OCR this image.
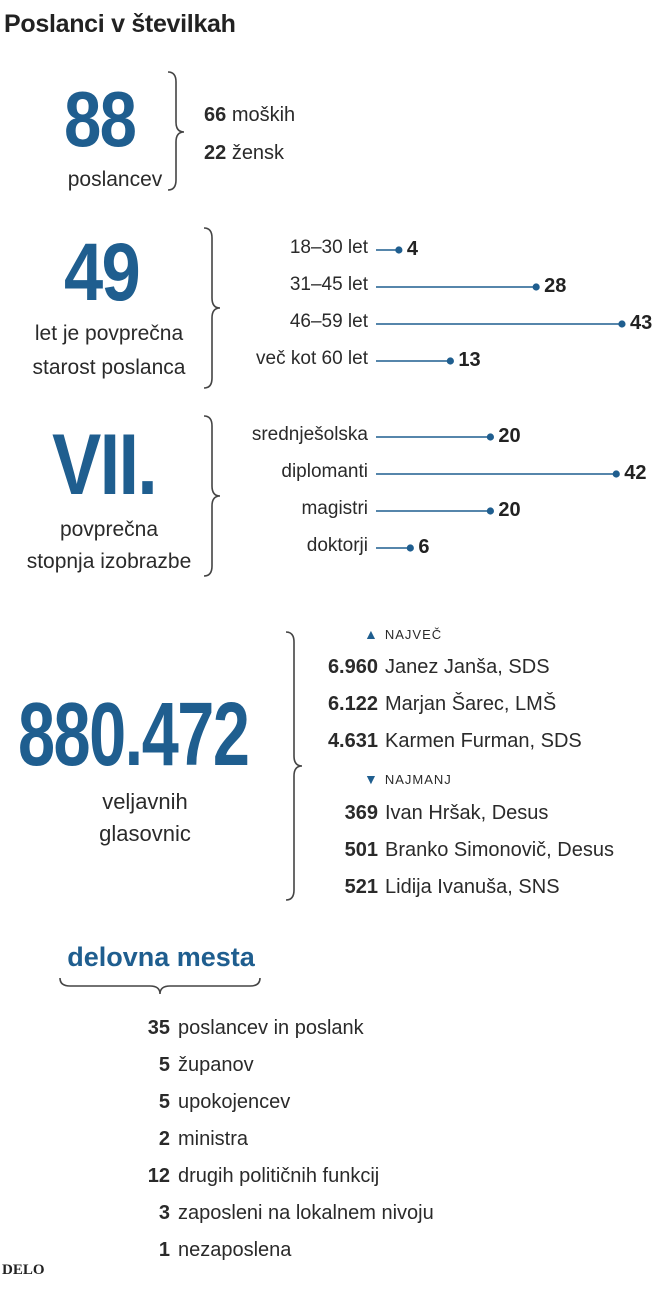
Poslanci v številkah
88
poslancev
66 moških
22 žensk
49
let je povprečna
starost poslanca
VII.
povprečna
stopnja izobrazbe
880.472
veljavnih
glasovnic
▲ NAJVEČ
▼ NAJMANJ
delovna mesta
DELO
18–30 let 4
31–45 let	28
46–59 let	43
več kot 60 let	13
srednješolska	20
diplomanti	42
magistri	20
doktorji	6
6.960 Janez Janša, SDS
6.122 Marjan Šarec, LMŠ
4.631 Karmen Furman, SDS
369 Ivan Hršak, Desus
501 Branko Simonovič, Desus
521 Lidija Ivanuša, SNS
35 poslancev in poslank
5 županov
5 upokojencev
2 ministra
12 drugih političnih funkcij
3 zaposleni na lokalnem nivoju
1 nezaposlena
